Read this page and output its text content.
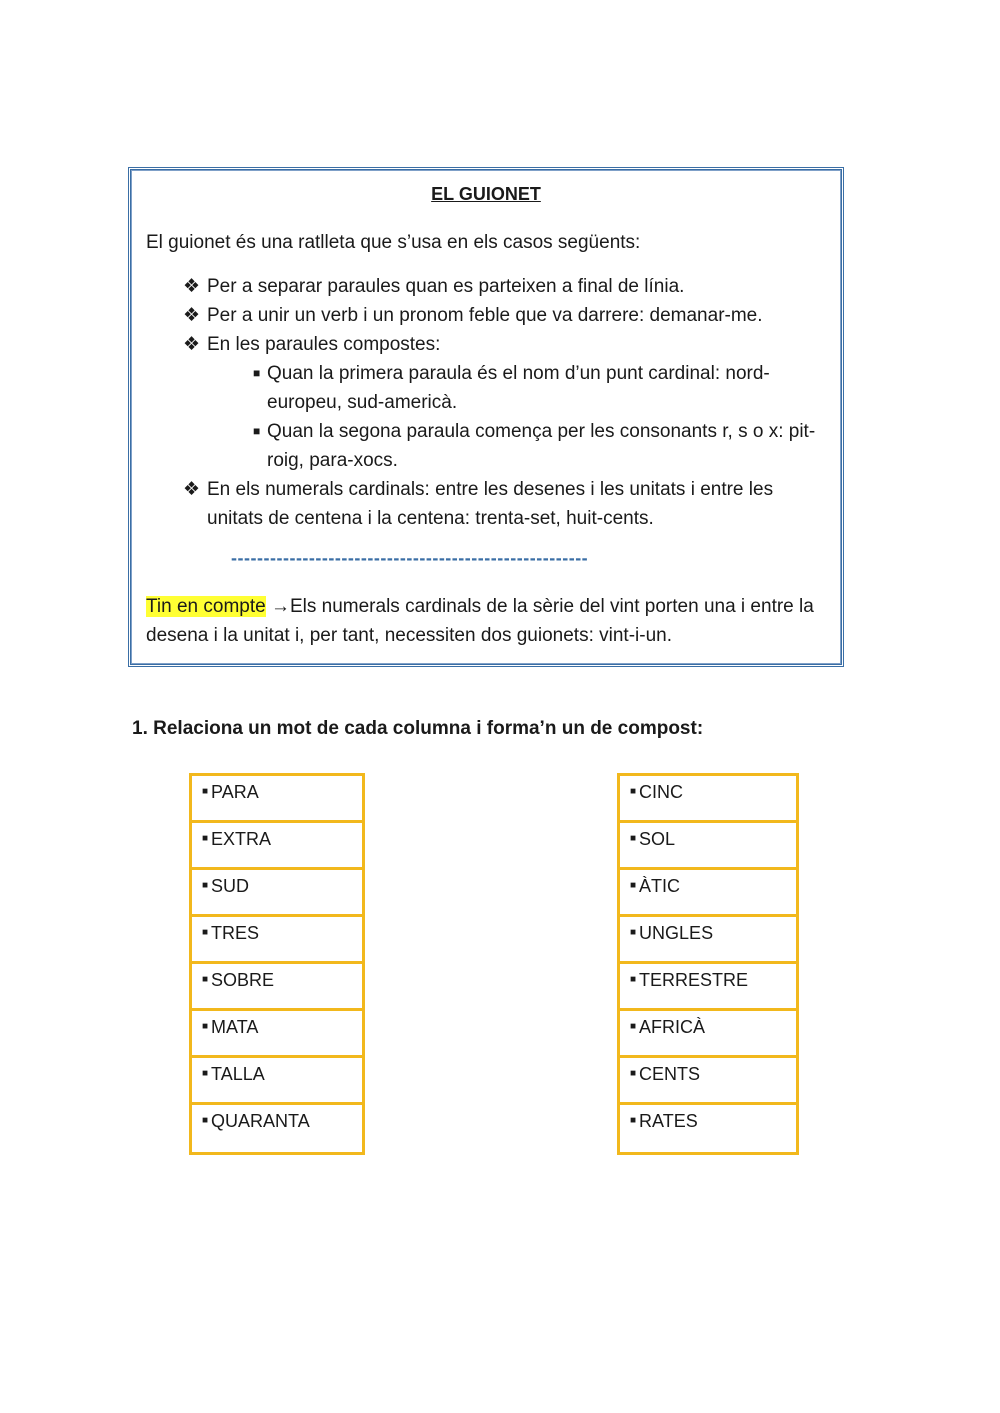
EL GUIONET
El guionet és una ratlleta que s’usa en els casos següents:
❖ Per a separar paraules quan es parteixen a final de línia.
❖ Per a unir un verb i un pronom feble que va darrere: demanar-me.
❖ En les paraules compostes:
■ Quan la primera paraula és el nom d’un punt cardinal: nord-europeu, sud-americà.
■ Quan la segona paraula comença per les consonants r, s o x: pit-roig, para-xocs.
❖ En els numerals cardinals: entre les desenes i les unitats i entre les unitats de centena i la centena: trenta-set, huit-cents.
-------------------------------------------------------
Tin en compte →Els numerals cardinals de la sèrie del vint porten una i entre la desena i la unitat i, per tant, necessiten dos guionets: vint-i-un.
1. Relaciona un mot de cada columna i forma’n un de compost:
■ PARA
■ EXTRA
■ SUD
■ TRES
■ SOBRE
■ MATA
■ TALLA
■ QUARANTA
■ CINC
■ SOL
■ ÀTIC
■ UNGLES
■ TERRESTRE
■ AFRICÀ
■ CENTS
■ RATES
